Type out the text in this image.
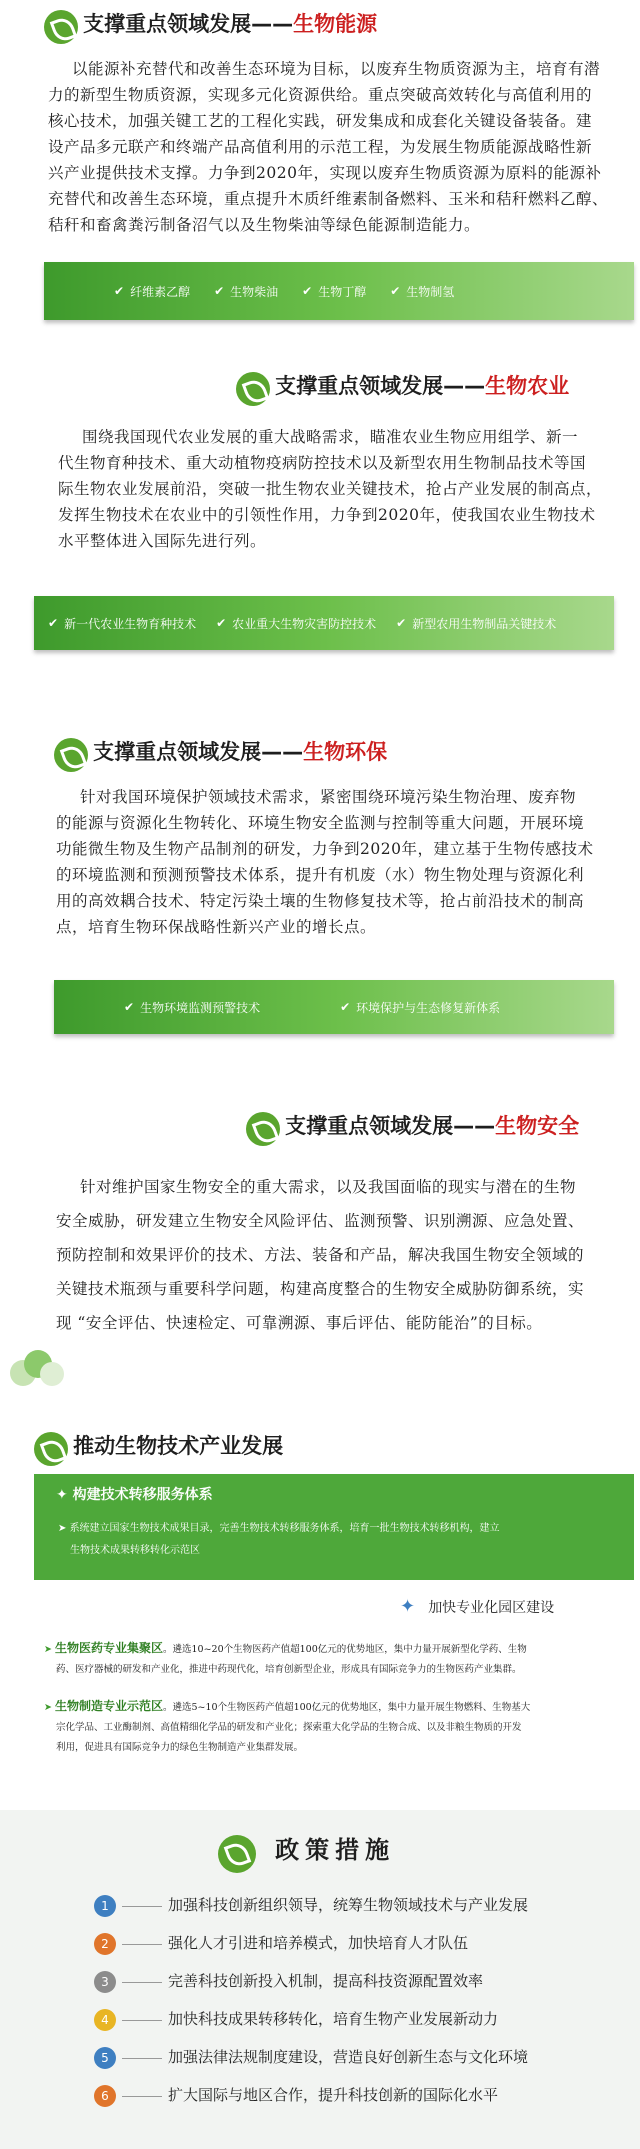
支撑重点领域发展——生物能源
以能源补充替代和改善生态环境为目标，以废弃生物质资源为主，培育有潜
力的新型生物质资源，实现多元化资源供给。重点突破高效转化与高值利用的
核心技术，加强关键工艺的工程化实践，研发集成和成套化关键设备装备。建
设产品多元联产和终端产品高值利用的示范工程，为发展生物质能源战略性新
兴产业提供技术支撑。力争到2020年，实现以废弃生物质资源为原料的能源补
充替代和改善生态环境，重点提升木质纤维素制备燃料、玉米和秸秆燃料乙醇、
秸秆和畜禽粪污制备沼气以及生物柴油等绿色能源制造能力。
✔ 纤维素乙醇	✔ 生物柴油	✔ 生物丁醇	✔ 生物制氢
支撑重点领域发展——生物农业
围绕我国现代农业发展的重大战略需求，瞄准农业生物应用组学、新一
代生物育种技术、重大动植物疫病防控技术以及新型农用生物制品技术等国
际生物农业发展前沿，突破一批生物农业关键技术，抢占产业发展的制高点，
发挥生物技术在农业中的引领性作用，力争到2020年，使我国农业生物技术
水平整体进入国际先进行列。
✔ 新一代农业生物育种技术	✔ 农业重大生物灾害防控技术	✔ 新型农用生物制品关键技术
支撑重点领域发展——生物环保
针对我国环境保护领域技术需求，紧密围绕环境污染生物治理、废弃物
的能源与资源化生物转化、环境生物安全监测与控制等重大问题，开展环境
功能微生物及生物产品制剂的研发，力争到2020年，建立基于生物传感技术
的环境监测和预测预警技术体系，提升有机废（水）物生物处理与资源化利
用的高效耦合技术、特定污染土壤的生物修复技术等，抢占前沿技术的制高
点，培育生物环保战略性新兴产业的增长点。
✔ 生物环境监测预警技术	✔ 环境保护与生态修复新体系
支撑重点领域发展——生物安全
针对维护国家生物安全的重大需求，以及我国面临的现实与潜在的生物
安全威胁，研发建立生物安全风险评估、监测预警、识别溯源、应急处置、
预防控制和效果评价的技术、方法、装备和产品，解决我国生物安全领域的
关键技术瓶颈与重要科学问题，构建高度整合的生物安全威胁防御系统，实
现 “安全评估、快速检定、可靠溯源、事后评估、能防能治”的目标。
推动生物技术产业发展
✦ 构建技术转移服务体系
➤ 系统建立国家生物技术成果目录，完善生物技术转移服务体系，培育一批生物技术转移机构，建立
生物技术成果转移转化示范区
✦ 加快专业化园区建设
➤ 生物医药专业集聚区。遴选10~20个生物医药产值超100亿元的优势地区，集中力量开展新型化学药、生物
药、医疗器械的研发和产业化，推进中药现代化，培育创新型企业，形成具有国际竞争力的生物医药产业集群。
➤ 生物制造专业示范区。遴选5~10个生物医药产值超100亿元的优势地区，集中力量开展生物燃料、生物基大
宗化学品、工业酶制剂、高值精细化学品的研发和产业化；探索重大化学品的生物合成、以及非粮生物质的开发
利用，促进具有国际竞争力的绿色生物制造产业集群发展。
政策措施
1	加强科技创新组织领导，统筹生物领域技术与产业发展
2	强化人才引进和培养模式，加快培育人才队伍
3	完善科技创新投入机制，提高科技资源配置效率
4	加快科技成果转移转化，培育生物产业发展新动力
5	加强法律法规制度建设，营造良好创新生态与文化环境
6	扩大国际与地区合作，提升科技创新的国际化水平
